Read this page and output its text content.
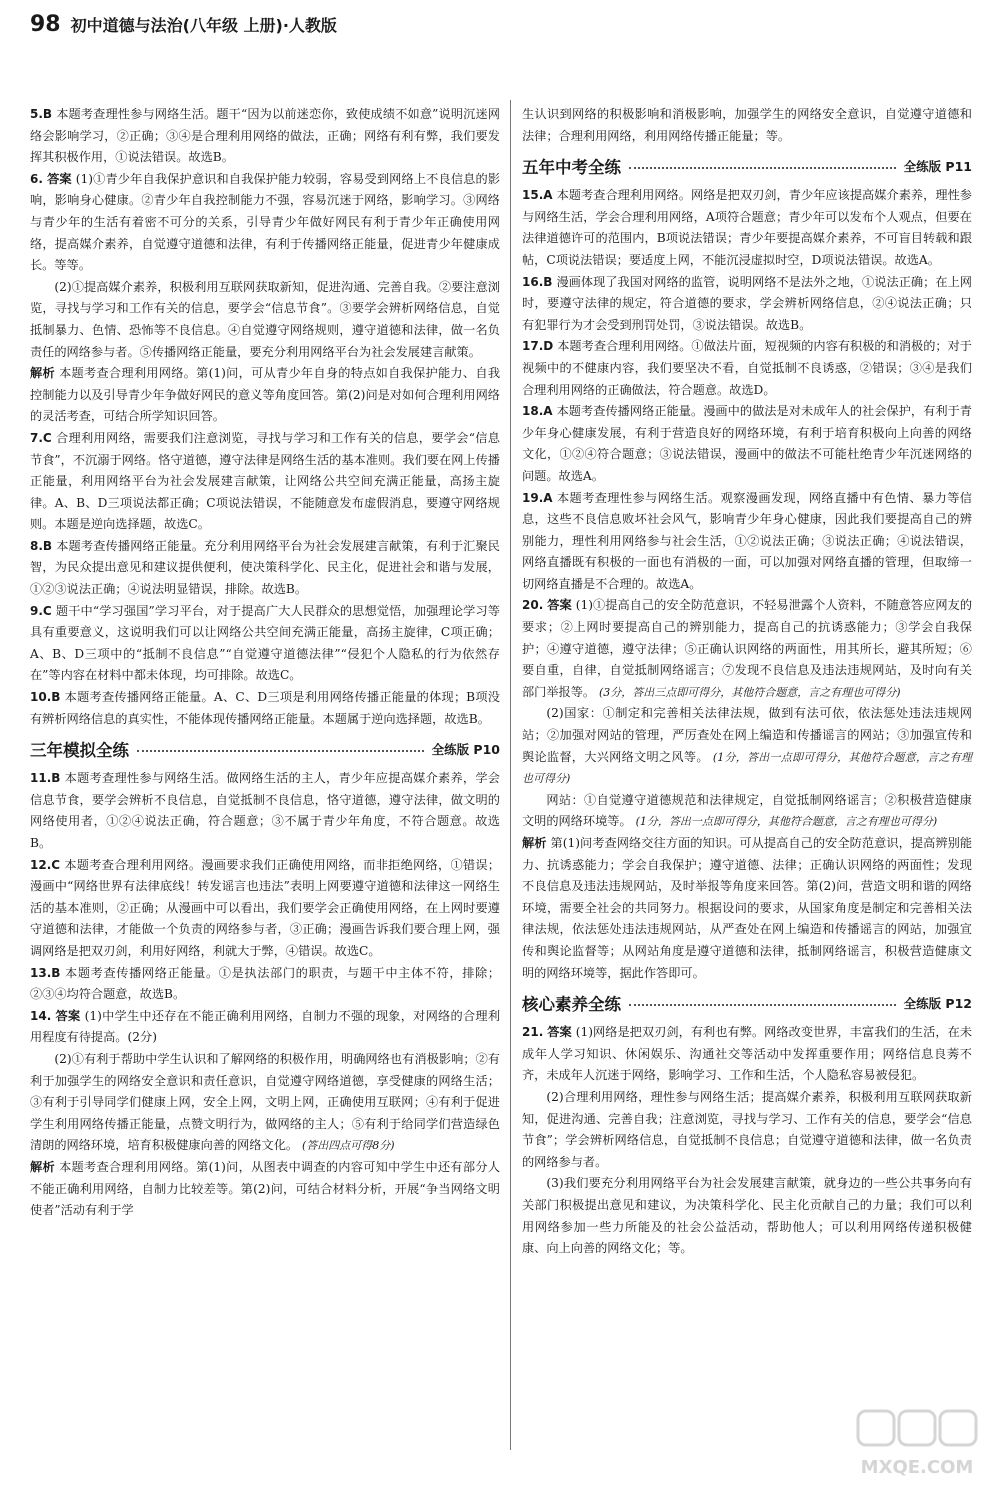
98 初中道德与法治(八年级 上册)·人教版
5.B 本题考查理性参与网络生活。题干“因为以前迷恋你，致使成绩不如意”说明沉迷网络会影响学习，②正确；③④是合理利用网络的做法，正确；网络有利有弊，我们要发挥其积极作用，①说法错误。故选B。
6. 答案 (1)①青少年自我保护意识和自我保护能力较弱，容易受到网络上不良信息的影响，影响身心健康。②青少年自我控制能力不强，容易沉迷于网络，影响学习。③网络与青少年的生活有着密不可分的关系，引导青少年做好网民有利于青少年正确使用网络，提高媒介素养，自觉遵守道德和法律，有利于传播网络正能量，促进青少年健康成长。等等。
(2)①提高媒介素养，积极利用互联网获取新知，促进沟通、完善自我。②要注意浏览，寻找与学习和工作有关的信息，要学会“信息节食”。③要学会辨析网络信息，自觉抵制暴力、色情、恐怖等不良信息。④自觉遵守网络规则，遵守道德和法律，做一名负责任的网络参与者。⑤传播网络正能量，要充分利用网络平台为社会发展建言献策。
解析 本题考查合理利用网络。第(1)问，可从青少年自身的特点如自我保护能力、自我控制能力以及引导青少年争做好网民的意义等角度回答。第(2)问是对如何合理利用网络的灵活考查，可结合所学知识回答。
7.C 合理利用网络，需要我们注意浏览，寻找与学习和工作有关的信息，要学会“信息节食”，不沉溺于网络。恪守道德，遵守法律是网络生活的基本准则。我们要在网上传播正能量，利用网络平台为社会发展建言献策，让网络公共空间充满正能量，高扬主旋律。A、B、D三项说法都正确；C项说法错误，不能随意发布虚假消息，要遵守网络规则。本题是逆向选择题，故选C。
8.B 本题考查传播网络正能量。充分利用网络平台为社会发展建言献策，有利于汇聚民智，为民众提出意见和建议提供便利，使决策科学化、民主化，促进社会和谐与发展，①②③说法正确；④说法明显错误，排除。故选B。
9.C 题干中“学习强国”学习平台，对于提高广大人民群众的思想觉悟，加强理论学习等具有重要意义，这说明我们可以让网络公共空间充满正能量，高扬主旋律，C项正确；A、B、D三项中的“抵制不良信息”“自觉遵守道德法律”“侵犯个人隐私的行为依然存在”等内容在材料中都未体现，均可排除。故选C。
10.B 本题考查传播网络正能量。A、C、D三项是利用网络传播正能量的体现；B项没有辨析网络信息的真实性，不能体现传播网络正能量。本题属于逆向选择题，故选B。
三年模拟全练	全练版 P10
11.B 本题考查理性参与网络生活。做网络生活的主人，青少年应提高媒介素养，学会信息节食，要学会辨析不良信息，自觉抵制不良信息，恪守道德，遵守法律，做文明的网络使用者，①②④说法正确，符合题意；③不属于青少年角度，不符合题意。故选B。
12.C 本题考查合理利用网络。漫画要求我们正确使用网络，而非拒绝网络，①错误；漫画中“网络世界有法律底线！转发谣言也违法”表明上网要遵守道德和法律这一网络生活的基本准则，②正确；从漫画中可以看出，我们要学会正确使用网络，在上网时要遵守道德和法律，才能做一个负责的网络参与者，③正确；漫画告诉我们要合理上网，强调网络是把双刃剑，利用好网络，利就大于弊，④错误。故选C。
13.B 本题考查传播网络正能量。①是执法部门的职责，与题干中主体不符，排除；②③④均符合题意，故选B。
14. 答案 (1)中学生中还存在不能正确利用网络，自制力不强的现象，对网络的合理利用程度有待提高。(2分)
(2)①有利于帮助中学生认识和了解网络的积极作用，明确网络也有消极影响；②有利于加强学生的网络安全意识和责任意识，自觉遵守网络道德，享受健康的网络生活；③有利于引导同学们健康上网，安全上网，文明上网，正确使用互联网；④有利于促进学生利用网络传播正能量，点赞文明行为，做网络的主人；⑤有利于给同学们营造绿色清朗的网络环境，培育积极健康向善的网络文化。 (答出四点可得8分)
解析 本题考查合理利用网络。第(1)问，从图表中调查的内容可知中学生中还有部分人不能正确利用网络，自制力比较差等。第(2)问，可结合材料分析，开展“争当网络文明使者”活动有利于学
生认识到网络的积极影响和消极影响，加强学生的网络安全意识，自觉遵守道德和法律；合理利用网络，利用网络传播正能量；等。
五年中考全练	全练版 P11
15.A 本题考查合理利用网络。网络是把双刃剑，青少年应该提高媒介素养，理性参与网络生活，学会合理利用网络，A项符合题意；青少年可以发布个人观点，但要在法律道德许可的范围内，B项说法错误；青少年要提高媒介素养，不可盲目转载和跟帖，C项说法错误；要适度上网，不能沉浸虚拟时空，D项说法错误。故选A。
16.B 漫画体现了我国对网络的监管，说明网络不是法外之地，①说法正确；在上网时，要遵守法律的规定，符合道德的要求，学会辨析网络信息，②④说法正确；只有犯罪行为才会受到刑罚处罚，③说法错误。故选B。
17.D 本题考查合理利用网络。①做法片面，短视频的内容有积极的和消极的；对于视频中的不健康内容，我们要坚决不看，自觉抵制不良诱惑，②错误；③④是我们合理利用网络的正确做法，符合题意。故选D。
18.A 本题考查传播网络正能量。漫画中的做法是对未成年人的社会保护，有利于青少年身心健康发展，有利于营造良好的网络环境，有利于培育积极向上向善的网络文化，①②④符合题意；③说法错误，漫画中的做法不可能杜绝青少年沉迷网络的问题。故选A。
19.A 本题考查理性参与网络生活。观察漫画发现，网络直播中有色情、暴力等信息，这些不良信息败坏社会风气，影响青少年身心健康，因此我们要提高自己的辨别能力，理性利用网络参与社会生活，①②说法正确；③说法正确；④说法错误，网络直播既有积极的一面也有消极的一面，可以加强对网络直播的管理，但取缔一切网络直播是不合理的。故选A。
20. 答案 (1)①提高自己的安全防范意识，不轻易泄露个人资料，不随意答应网友的要求；②上网时要提高自己的辨别能力，提高自己的抗诱惑能力；③学会自我保护；④遵守道德，遵守法律；⑤正确认识网络的两面性，用其所长，避其所短；⑥要自重，自律，自觉抵制网络谣言；⑦发现不良信息及违法违规网站，及时向有关部门举报等。 (3分，答出三点即可得分，其他符合题意，言之有理也可得分)
(2)国家：①制定和完善相关法律法规，做到有法可依，依法惩处违法违规网站；②加强对网站的管理，严厉查处在网上编造和传播谣言的网站；③加强宣传和舆论监督，大兴网络文明之风等。 (1分，答出一点即可得分，其他符合题意，言之有理也可得分)
网站：①自觉遵守道德规范和法律规定，自觉抵制网络谣言；②积极营造健康文明的网络环境等。 (1分，答出一点即可得分，其他符合题意，言之有理也可得分)
解析 第(1)问考查网络交往方面的知识。可从提高自己的安全防范意识，提高辨别能力、抗诱惑能力；学会自我保护；遵守道德、法律；正确认识网络的两面性；发现不良信息及违法违规网站，及时举报等角度来回答。第(2)问，营造文明和谐的网络环境，需要全社会的共同努力。根据设问的要求，从国家角度是制定和完善相关法律法规，依法惩处违法违规网站，从严查处在网上编造和传播谣言的网站，加强宣传和舆论监督等；从网站角度是遵守道德和法律，抵制网络谣言，积极营造健康文明的网络环境等，据此作答即可。
核心素养全练	全练版 P12
21. 答案 (1)网络是把双刃剑，有利也有弊。网络改变世界，丰富我们的生活，在未成年人学习知识、休闲娱乐、沟通社交等活动中发挥重要作用；网络信息良莠不齐，未成年人沉迷于网络，影响学习、工作和生活，个人隐私容易被侵犯。
(2)合理利用网络，理性参与网络生活；提高媒介素养，积极利用互联网获取新知，促进沟通、完善自我；注意浏览，寻找与学习、工作有关的信息，要学会“信息节食”；学会辨析网络信息，自觉抵制不良信息；自觉遵守道德和法律，做一名负责的网络参与者。
(3)我们要充分利用网络平台为社会发展建言献策，就身边的一些公共事务向有关部门积极提出意见和建议，为决策科学化、民主化贡献自己的力量；我们可以利用网络参加一些力所能及的社会公益活动，帮助他人；可以利用网络传递积极健康、向上向善的网络文化；等。
MXQE.COM
